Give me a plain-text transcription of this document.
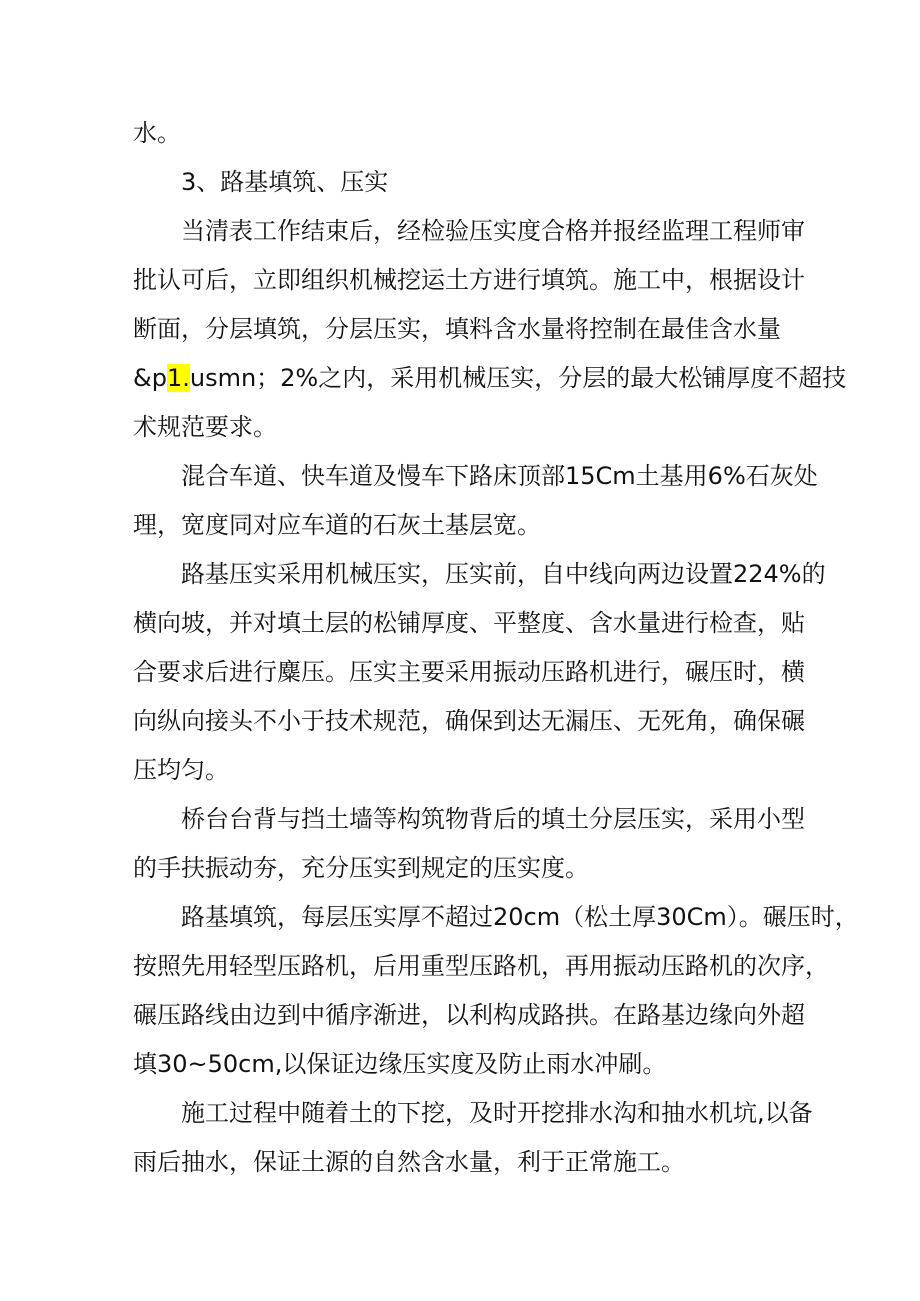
水。
3、路基填筑、压实
当清表工作结束后，经检验压实度合格并报经监理工程师审
批认可后，立即组织机械挖运土方进行填筑。施工中，根据设计
断面，分层填筑，分层压实，填料含水量将控制在最佳含水量
&p1.usmn；2%之内，采用机械压实，分层的最大松铺厚度不超技
术规范要求。
混合车道、快车道及慢车下路床顶部15Cm土基用6%石灰处
理，宽度同对应车道的石灰土基层宽。
路基压实采用机械压实，压实前，自中线向两边设置224%的
横向坡，并对填土层的松铺厚度、平整度、含水量进行检查，贴
合要求后进行麋压。压实主要采用振动压路机进行，碾压时，横
向纵向接头不小于技术规范，确保到达无漏压、无死角，确保碾
压均匀。
桥台台背与挡土墙等构筑物背后的填土分层压实，采用小型
的手扶振动夯，充分压实到规定的压实度。
路基填筑，每层压实厚不超过20cm（松土厚30Cm）。碾压时，
按照先用轻型压路机，后用重型压路机，再用振动压路机的次序，
碾压路线由边到中循序渐进，以利构成路拱。在路基边缘向外超
填30~50cm,以保证边缘压实度及防止雨水冲刷。
施工过程中随着土的下挖，及时开挖排水沟和抽水机坑,以备
雨后抽水，保证土源的自然含水量，利于正常施工。
